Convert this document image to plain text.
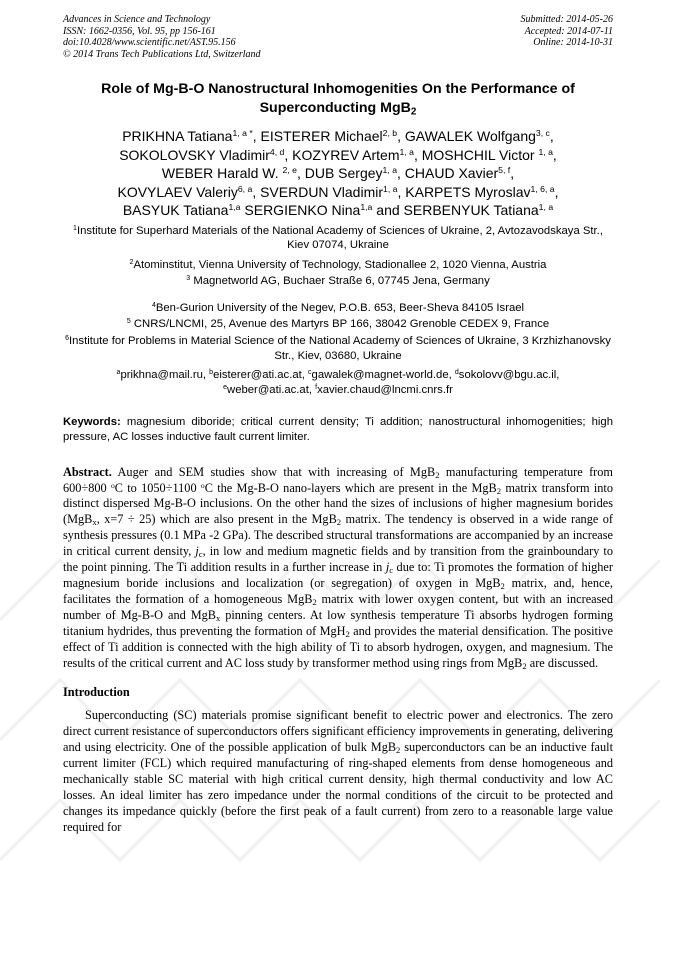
Advances in Science and Technology
ISSN: 1662-0356, Vol. 95, pp 156-161
doi:10.4028/www.scientific.net/AST.95.156
© 2014 Trans Tech Publications Ltd, Switzerland
Submitted: 2014-05-26
Accepted: 2014-07-11
Online: 2014-10-31
Role of Mg-B-O Nanostructural Inhomogenities On the Performance of
Superconducting MgB$_2$
PRIKHNA Tatiana$^{1, a *}$, EISTERER Michael$^{2, b}$, GAWALEK Wolfgang$^{3, c}$,
SOKOLOVSKY Vladimir$^{4, d}$, KOZYREV Artem$^{1, a}$, MOSHCHIL Victor $^{1, a}$,
WEBER Harald W. $^{2, e}$, DUB Sergey$^{1, a}$, CHAUD Xavier$^{5, f}$,
KOVYLAEV Valeriy$^{6, a}$, SVERDUN Vladimir$^{1, a}$, KARPETS Myroslav$^{1, 6, a}$,
BASYUK Tatiana$^{1,a}$ SERGIENKO Nina$^{1,a}$ and SERBENYUK Tatiana$^{1, a}$

$^1$Institute for Superhard Materials of the National Academy of Sciences of Ukraine, 2, Avtozavodskaya Str., Kiev 07074, Ukraine

$^2$Atominstitut, Vienna University of Technology, Stadionallee 2, 1020 Vienna, Austria

$^3$ Magnetworld AG, Buchaer Straße 6, 07745 Jena, Germany

$^4$Ben-Gurion University of the Negev, P.O.B. 653, Beer-Sheva 84105 Israel

$^5$ CNRS/LNCMI, 25, Avenue des Martyrs BP 166, 38042 Grenoble CEDEX 9, France

$^6$Institute for Problems in Material Science of the National Academy of Sciences of Ukraine, 3 Krzhizhanovsky Str., Kiev, 03680, Ukraine

$^a$prikhna@mail.ru, $^b$eisterer@ati.ac.at, $^c$gawalek@magnet-world.de, $^d$sokolovv@bgu.ac.il, $^e$weber@ati.ac.at, $^f$xavier.chaud@lncmi.cnrs.fr

Keywords: magnesium diboride; critical current density; Ti addition; nanostructural inhomogenities; high pressure, AC losses inductive fault current limiter.
Abstract. Auger and SEM studies show that with increasing of MgB$_2$ manufacturing temperature from 600÷800 $^o$C to 1050÷1100 $^o$C the Mg-B-O nano-layers which are present in the MgB$_2$ matrix transform into distinct dispersed Mg-B-O inclusions. On the other hand the sizes of inclusions of higher magnesium borides (MgB$_x$, x=7 ÷ 25) which are also present in the MgB$_2$ matrix. The tendency is observed in a wide range of synthesis pressures (0.1 MPa -2 GPa). The described structural transformations are accompanied by an increase in critical current density, $j_c$, in low and medium magnetic fields and by transition from the grainboundary to the point pinning. The Ti addition results in a further increase in $j_c$ due to: Ti promotes the formation of higher magnesium boride inclusions and localization (or segregation) of oxygen in MgB$_2$ matrix, and, hence, facilitates the formation of a homogeneous MgB$_2$ matrix with lower oxygen content, but with an increased number of Mg-B-O and MgB$_x$ pinning centers. At low synthesis temperature Ti absorbs hydrogen forming titanium hydrides, thus preventing the formation of MgH$_2$ and provides the material densification. The positive effect of Ti addition is connected with the high ability of Ti to absorb hydrogen, oxygen, and magnesium. The results of the critical current and AC loss study by transformer method using rings from MgB$_2$ are discussed.
Introduction
Superconducting (SC) materials promise significant benefit to electric power and electronics. The zero direct current resistance of superconductors offers significant efficiency improvements in generating, delivering and using electricity. One of the possible application of bulk MgB$_2$ superconductors can be an inductive fault current limiter (FCL) which required manufacturing of ring-shaped elements from dense homogeneous and mechanically stable SC material with high critical current density, high thermal conductivity and low AC losses. An ideal limiter has zero impedance under the normal conditions of the circuit to be protected and changes its impedance quickly (before the first peak of a fault current) from zero to a reasonable large value required for
